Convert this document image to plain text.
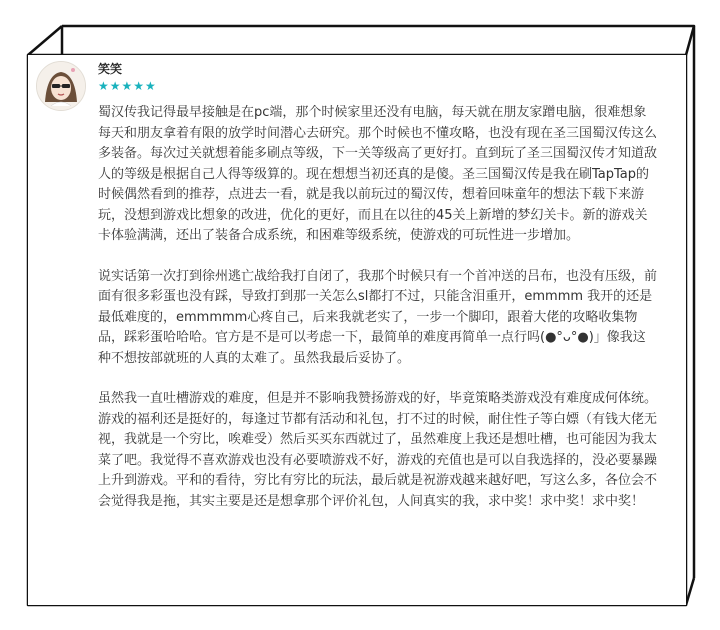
笑笑
★★★★★

蜀汉传我记得最早接触是在pc端，那个时候家里还没有电脑，每天就在朋友家蹭电脑，很难想象每天和朋友拿着有限的放学时间潜心去研究。那个时候也不懂攻略，也没有现在圣三国蜀汉传这么多装备。每次过关就想着能多刷点等级，下一关等级高了更好打。直到玩了圣三国蜀汉传才知道敌人的等级是根据自己人得等级算的。现在想想当初还真的是傻。圣三国蜀汉传是我在刷TapTap的时候偶然看到的推荐，点进去一看，就是我以前玩过的蜀汉传，想着回味童年的想法下载下来游玩，没想到游戏比想象的改进，优化的更好，而且在以往的45关上新增的梦幻关卡。新的游戏关卡体验满满，还出了装备合成系统，和困难等级系统，使游戏的可玩性进一步增加。

说实话第一次打到徐州逃亡战给我打自闭了，我那个时候只有一个首冲送的吕布，也没有压级，前面有很多彩蛋也没有踩，导致打到那一关怎么sl都打不过，只能含泪重开，emmmm 我开的还是最低难度的，emmmmm心疼自己，后来我就老实了，一步一个脚印，跟着大佬的攻略收集物品，踩彩蛋哈哈哈。官方是不是可以考虑一下，最简单的难度再简单一点行吗(●°ᴗ°●)」像我这种不想按部就班的人真的太难了。虽然我最后妥协了。

虽然我一直吐槽游戏的难度，但是并不影响我赞扬游戏的好，毕竟策略类游戏没有难度成何体统。游戏的福利还是挺好的，每逢过节都有活动和礼包，打不过的时候，耐住性子等白嫖（有钱大佬无视，我就是一个穷比，唉难受）然后买买东西就过了，虽然难度上我还是想吐槽，也可能因为我太菜了吧。我觉得不喜欢游戏也没有必要喷游戏不好，游戏的充值也是可以自我选择的，没必要暴躁上升到游戏。平和的看待，穷比有穷比的玩法，最后就是祝游戏越来越好吧，写这么多，各位会不会觉得我是拖，其实主要是还是想拿那个评价礼包，人间真实的我，求中奖！求中奖！求中奖！
